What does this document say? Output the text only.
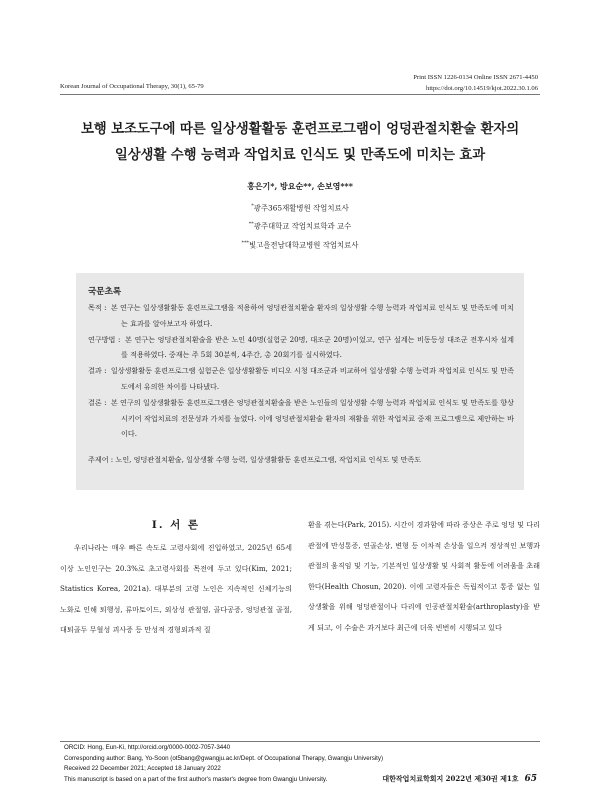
Korean Journal of Occupational Therapy, 30(1), 65-79
Print ISSN 1226-0134 Online ISSN 2671-4450
https://doi.org/10.14519/kjot.2022.30.1.06
보행 보조도구에 따른 일상생활활동 훈련프로그램이 엉덩관절치환술 환자의
일상생활 수행 능력과 작업치료 인식도 및 만족도에 미치는 효과
홍은기*, 방요순**, 손보영***
*광주365재활병원 작업치료사
**광주대학교 작업치료학과 교수
***빛고을전남대학교병원 작업치료사
국문초록

목적 : 본 연구는 일상생활활동 훈련프로그램을 적용하여 엉덩관절치환술 환자의 일상생활 수행 능력과 작업치료 인식도 및 만족도에 미치는 효과를 알아보고자 하였다.

연구방법 : 본 연구는 엉덩관절치환술을 받은 노인 40명(실험군 20명, 대조군 20명)이었고, 연구 설계는 비동등성 대조군 전후시차 설계를 적용하였다. 중재는 주 5회 30분씩, 4주간, 총 20회기를 실시하였다.

결과 : 일상생활활동 훈련프로그램 실험군은 일상생활활동 비디오 시청 대조군과 비교하여 일상생활 수행 능력과 작업치료 인식도 및 만족도에서 유의한 차이를 나타냈다.

결론 : 본 연구의 일상생활활동 훈련프로그램은 엉덩관절치환술을 받은 노인들의 일상생활 수행 능력과 작업치료 인식도 및 만족도를 향상시키어 작업치료의 전문성과 가치를 높였다. 이에 엉덩관절치환술 환자의 재활을 위한 작업치료 중재 프로그램으로 제안하는 바이다.

주제어 : 노인, 엉덩관절치환술, 일상생활 수행 능력, 일상생활활동 훈련프로그램, 작업치료 인식도 및 만족도
Ⅰ. 서 론
우리나라는 매우 빠른 속도로 고령사회에 진입하였고, 2025년 65세 이상 노인인구는 20.3%로 초고령사회를 목전에 두고 있다(Kim, 2021; Statistics Korea, 2021a). 대부분의 고령 노인은 지속적인 신체기능의 노화로 인해 퇴행성, 류마토이드, 외상성 관절염, 골다공증, 엉덩관절 골절, 대퇴골두 무혈성 괴사증 등 만성적 경형외과적 질
환을 겪는다(Park, 2015). 시간이 경과함에 따라 증상은 주로 엉덩 및 다리 관절에 만성통증, 연골손상, 변형 등 이차적 손상을 일으켜 정상적인 보행과 관절의 움직임 및 기능, 기본적인 일상생활 및 사회적 활동에 어려움을 초래한다(Health Chosun, 2020). 이에 고령자들은 독립적이고 통증 없는 일상생활을 위해 엉덩관절이나 다리에 인공관절치환술(arthroplasty)을 받게 되고, 이 수술은 과거보다 최근에 더욱 빈번히 시행되고 있다
ORCID: Hong, Eun-Ki, http://orcid.org/0000-0002-7057-3440
Corresponding author: Bang, Yo-Soon (ot5bang@gwangju.ac.kr/Dept. of Occupational Therapy, Gwangju University)
Received 22 December 2021; Accepted 18 January 2022
This manuscript is based on a part of the first author's master's degree from Gwangju University.	대한작업치료학회지 2022년 제30권 제1호 65
